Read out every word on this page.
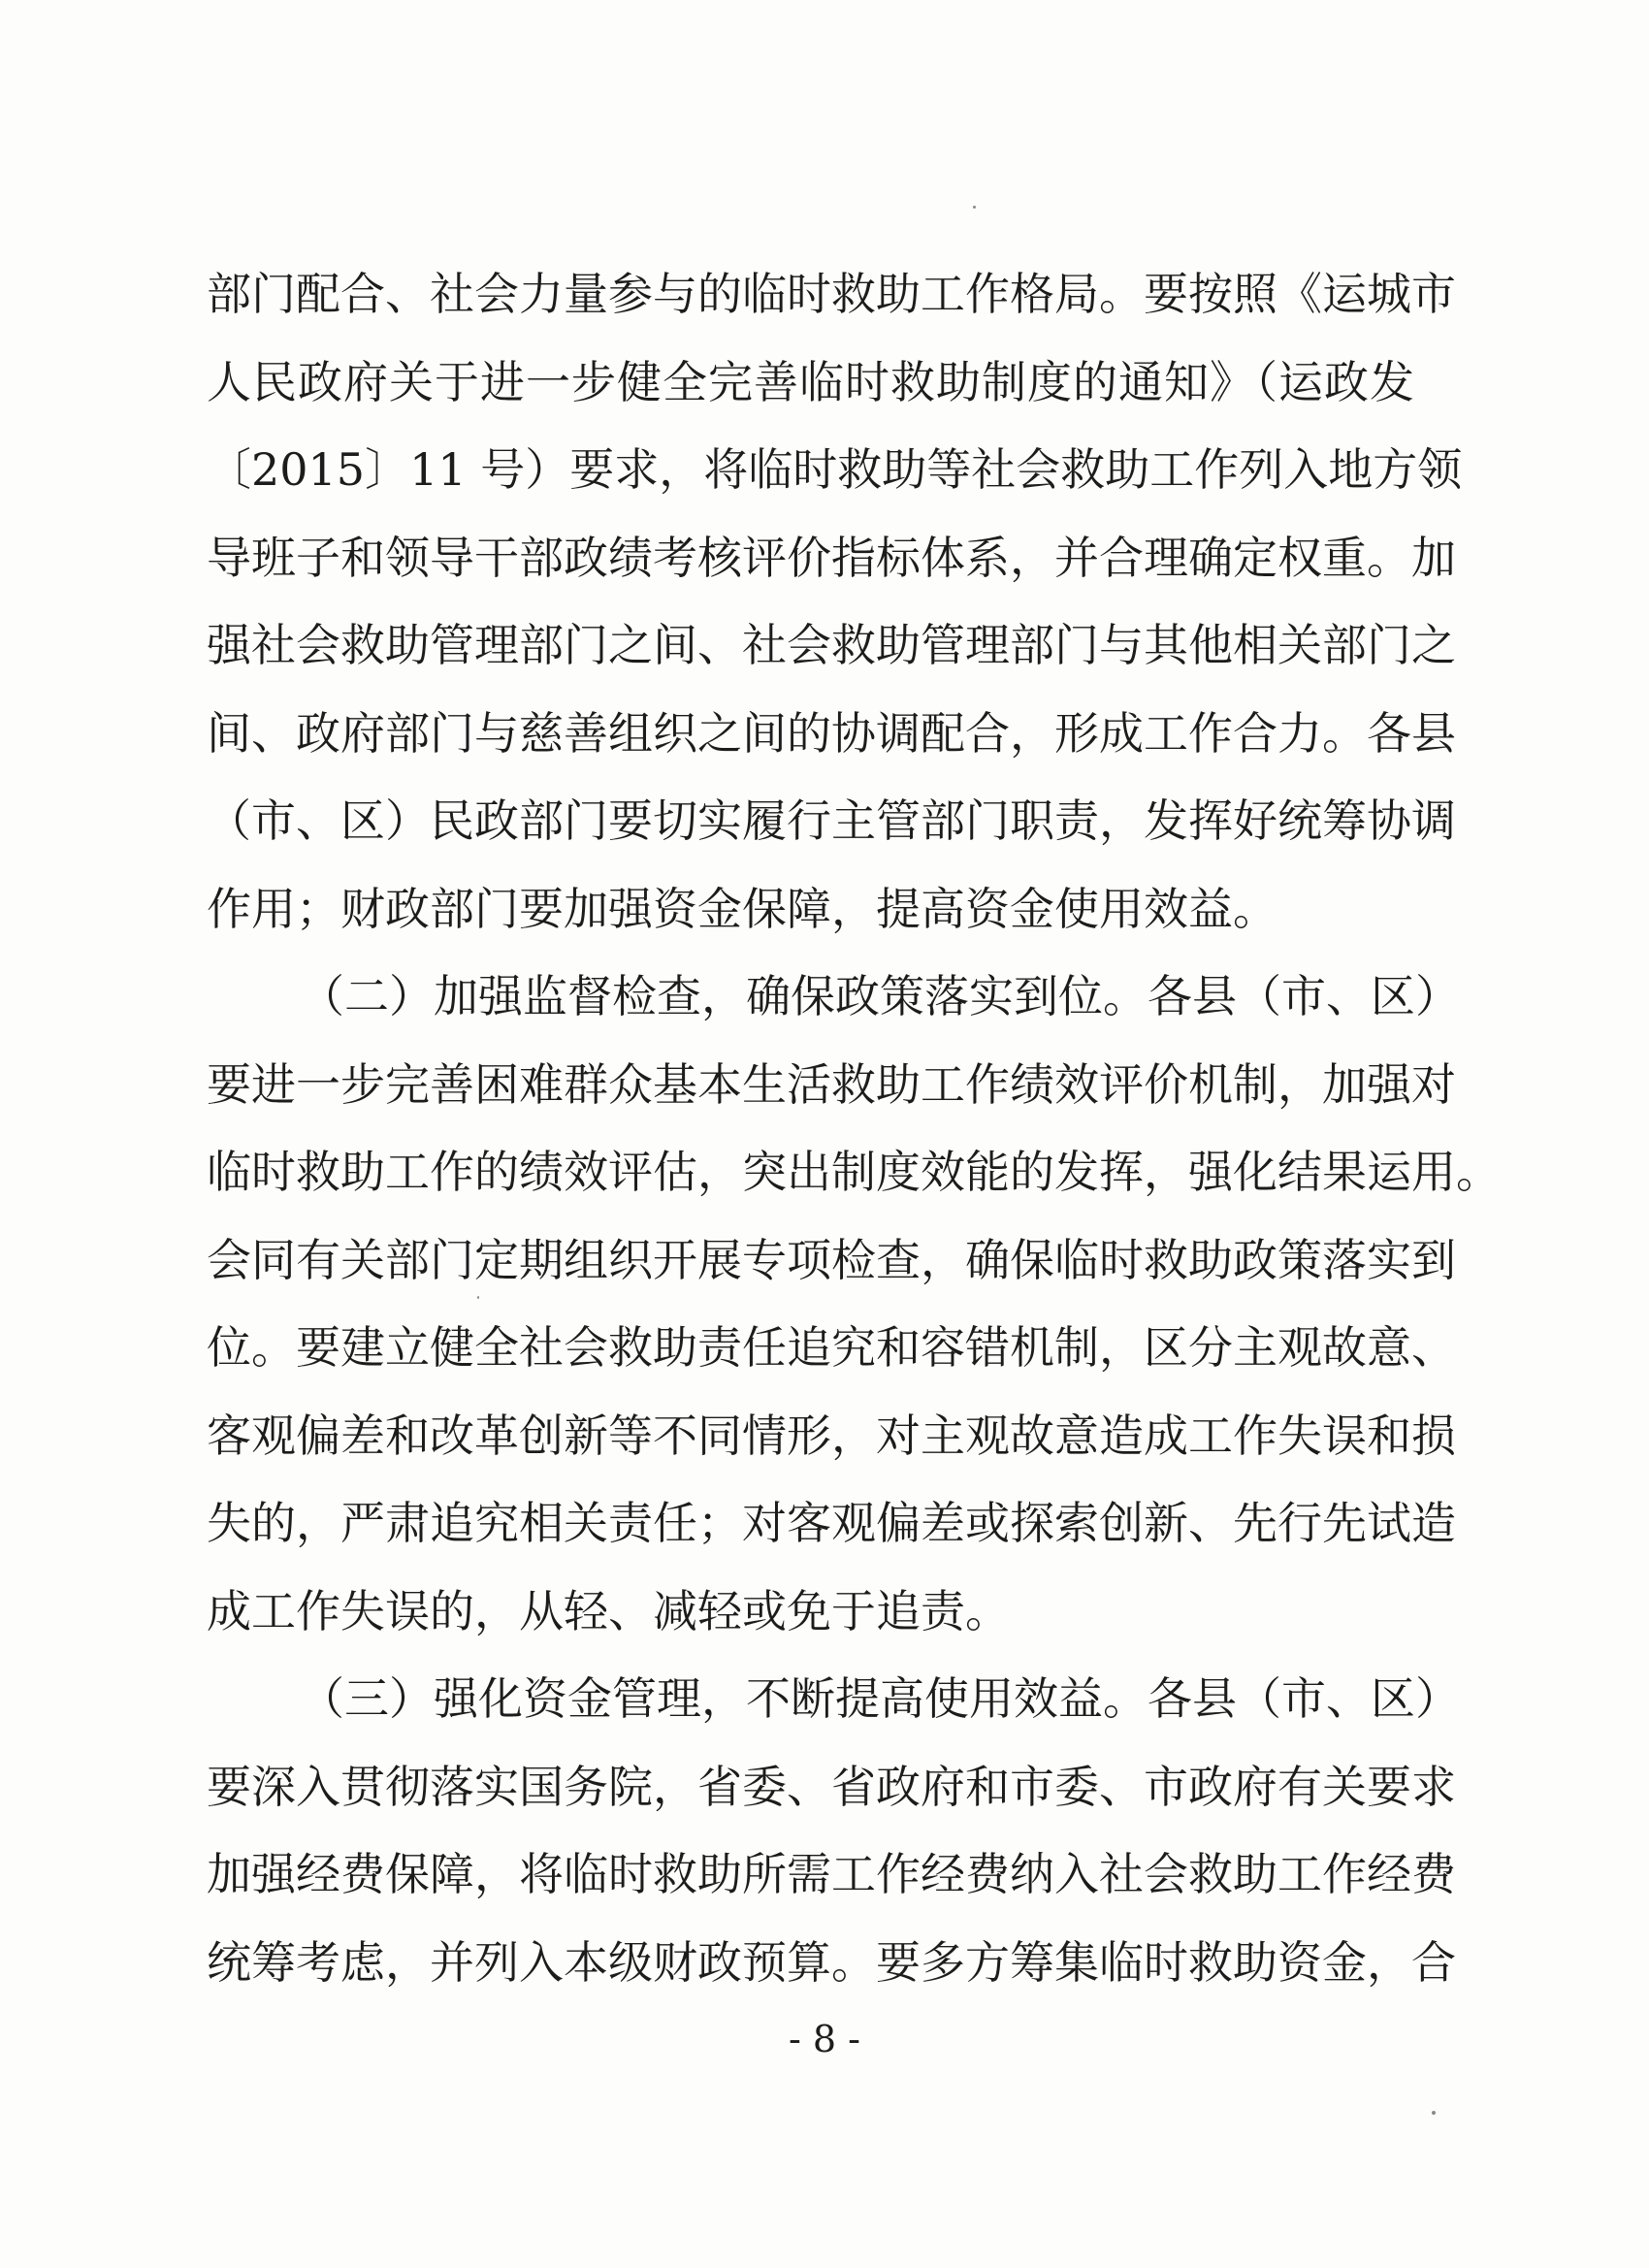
部门配合、社会力量参与的临时救助工作格局。要按照《运城市
人民政府关于进一步健全完善临时救助制度的通知》（运政发
〔2015〕11 号）要求，将临时救助等社会救助工作列入地方领
导班子和领导干部政绩考核评价指标体系，并合理确定权重。加
强社会救助管理部门之间、社会救助管理部门与其他相关部门之
间、政府部门与慈善组织之间的协调配合，形成工作合力。各县
（市、区）民政部门要切实履行主管部门职责，发挥好统筹协调
作用；财政部门要加强资金保障，提高资金使用效益。
（二）加强监督检查，确保政策落实到位。各县（市、区）
要进一步完善困难群众基本生活救助工作绩效评价机制，加强对
临时救助工作的绩效评估，突出制度效能的发挥，强化结果运用。
会同有关部门定期组织开展专项检查，确保临时救助政策落实到
位。要建立健全社会救助责任追究和容错机制，区分主观故意、
客观偏差和改革创新等不同情形，对主观故意造成工作失误和损
失的，严肃追究相关责任；对客观偏差或探索创新、先行先试造
成工作失误的，从轻、减轻或免于追责。
（三）强化资金管理，不断提高使用效益。各县（市、区）
要深入贯彻落实国务院，省委、省政府和市委、市政府有关要求
加强经费保障，将临时救助所需工作经费纳入社会救助工作经费
统筹考虑，并列入本级财政预算。要多方筹集临时救助资金，合
- 8 -
